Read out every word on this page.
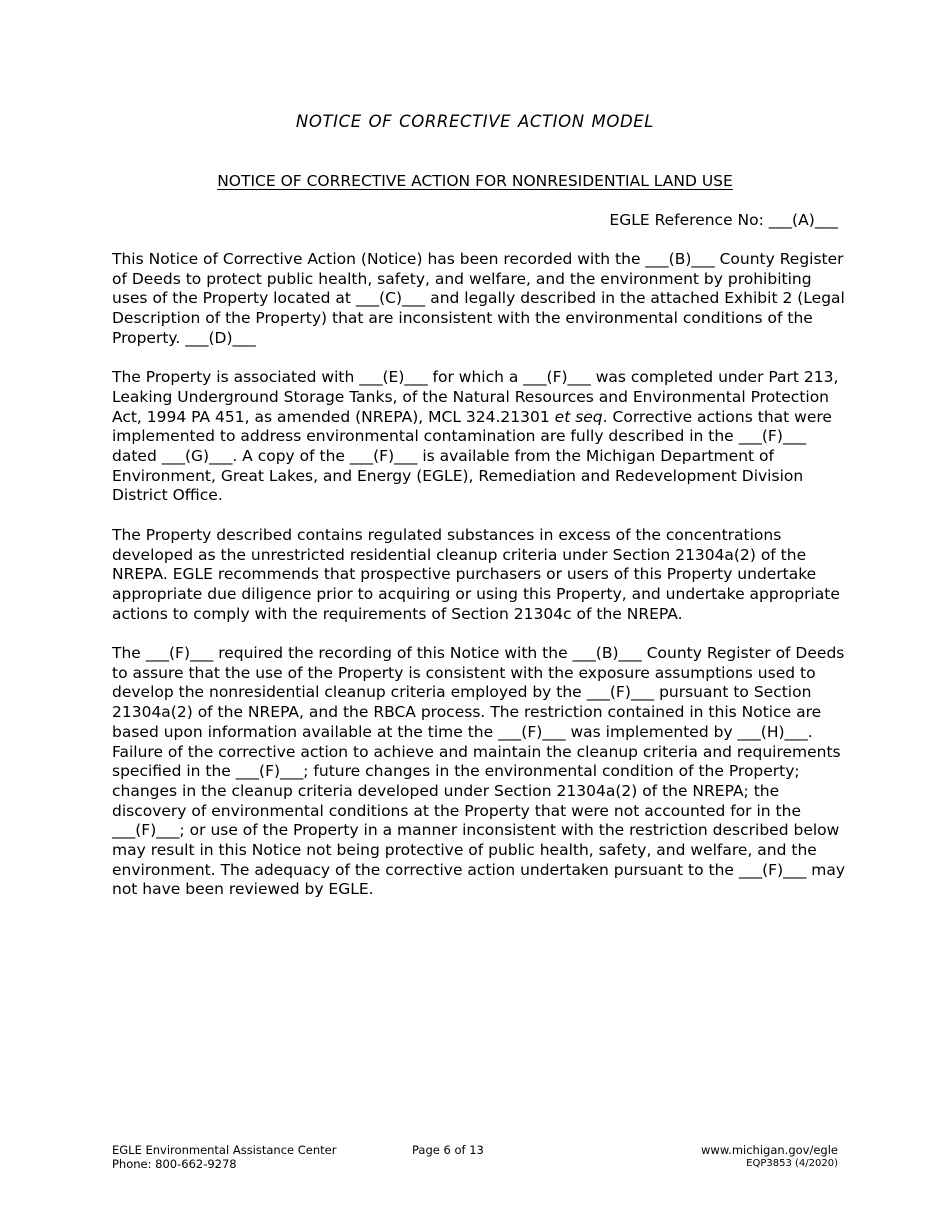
NOTICE OF CORRECTIVE ACTION MODEL
NOTICE OF CORRECTIVE ACTION FOR NONRESIDENTIAL LAND USE
EGLE Reference No: ___(A)___

This Notice of Corrective Action (Notice) has been recorded with the ___(B)___ County Register of Deeds to protect public health, safety, and welfare, and the environment by prohibiting uses of the Property located at ___(C)___ and legally described in the attached Exhibit 2 (Legal Description of the Property) that are inconsistent with the environmental conditions of the Property. ___(D)___

The Property is associated with ___(E)___ for which a ___(F)___ was completed under Part 213, Leaking Underground Storage Tanks, of the Natural Resources and Environmental Protection Act, 1994 PA 451, as amended (NREPA), MCL 324.21301 et seq. Corrective actions that were implemented to address environmental contamination are fully described in the ___(F)___ dated ___(G)___. A copy of the ___(F)___ is available from the Michigan Department of Environment, Great Lakes, and Energy (EGLE), Remediation and Redevelopment Division District Office.

The Property described contains regulated substances in excess of the concentrations developed as the unrestricted residential cleanup criteria under Section 21304a(2) of the NREPA. EGLE recommends that prospective purchasers or users of this Property undertake appropriate due diligence prior to acquiring or using this Property, and undertake appropriate actions to comply with the requirements of Section 21304c of the NREPA.

The ___(F)___ required the recording of this Notice with the ___(B)___ County Register of Deeds to assure that the use of the Property is consistent with the exposure assumptions used to develop the nonresidential cleanup criteria employed by the ___(F)___ pursuant to Section 21304a(2) of the NREPA, and the RBCA process. The restriction contained in this Notice are based upon information available at the time the ___(F)___ was implemented by ___(H)___. Failure of the corrective action to achieve and maintain the cleanup criteria and requirements specified in the ___(F)___; future changes in the environmental condition of the Property; changes in the cleanup criteria developed under Section 21304a(2) of the NREPA; the discovery of environmental conditions at the Property that were not accounted for in the ___(F)___; or use of the Property in a manner inconsistent with the restriction described below may result in this Notice not being protective of public health, safety, and welfare, and the environment. The adequacy of the corrective action undertaken pursuant to the ___(F)___ may not have been reviewed by EGLE.

EGLE Environmental Assistance Center
Phone: 800-662-9278
Page 6 of 13	www.michigan.gov/egle
EQP3853 (4/2020)
